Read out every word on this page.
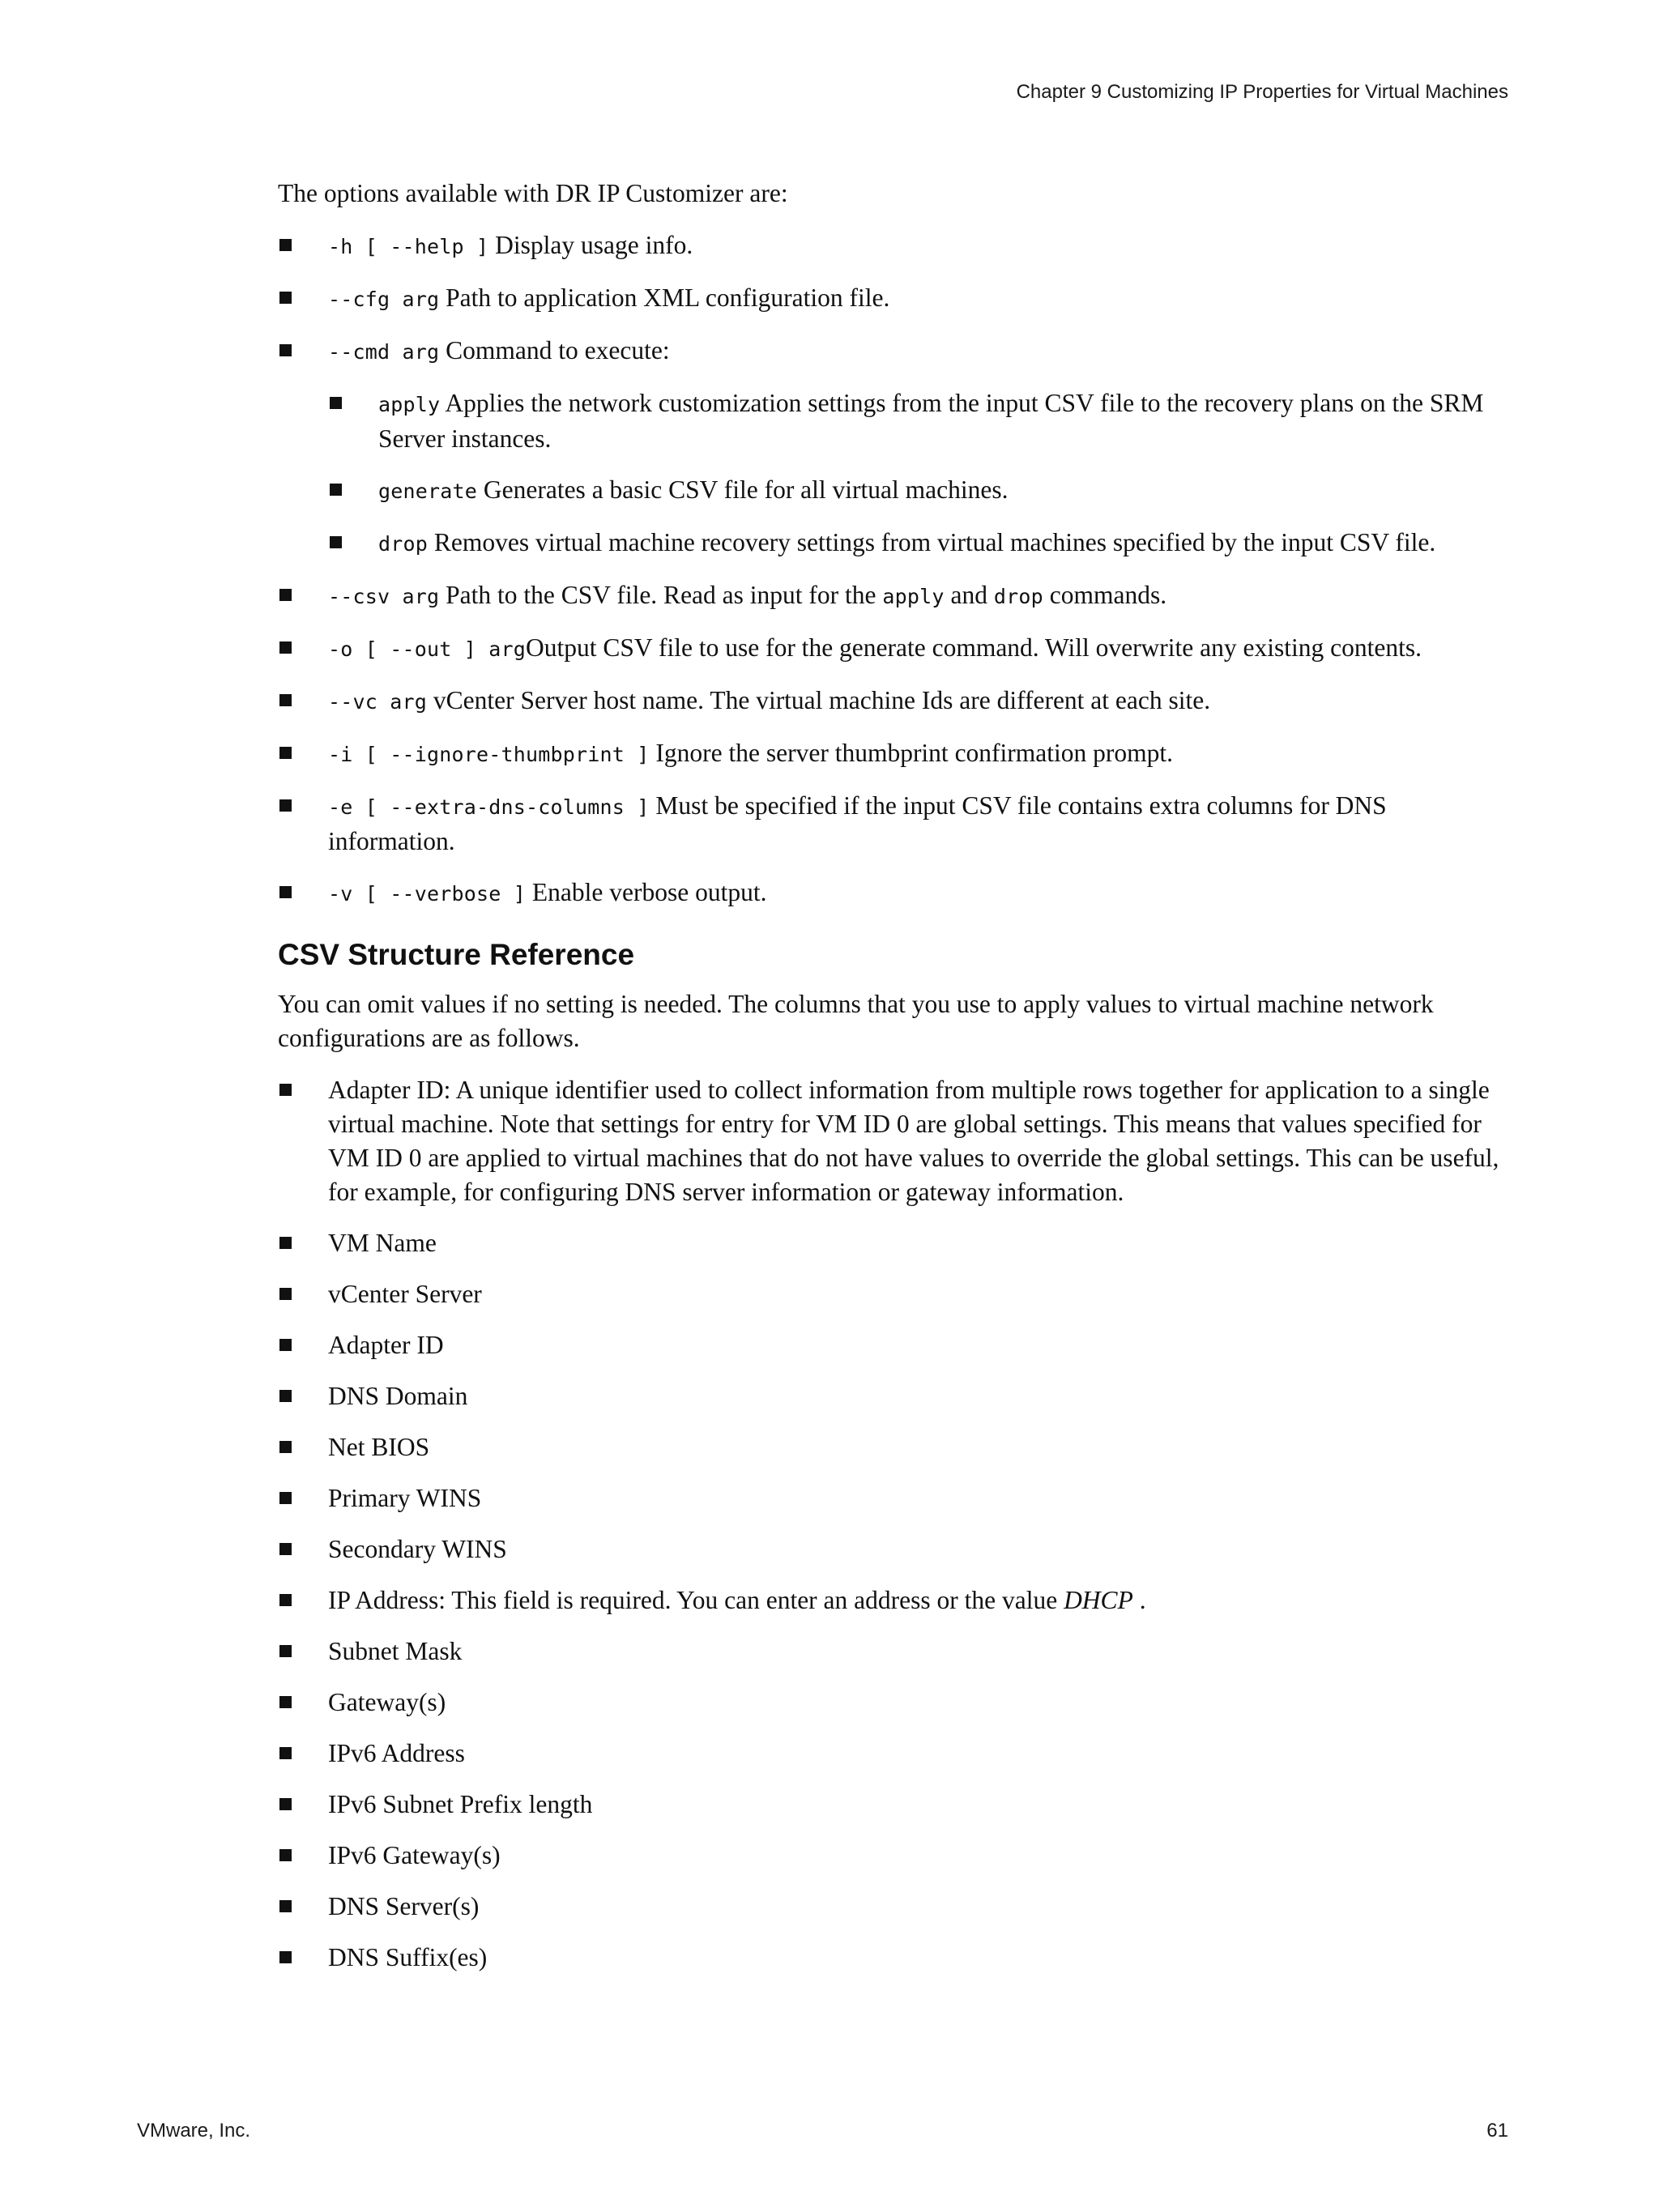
Chapter 9 Customizing IP Properties for Virtual Machines

The options available with DR IP Customizer are:

-h [ --help ] Display usage info.
--cfg arg Path to application XML configuration file.
--cmd arg Command to execute:
apply Applies the network customization settings from the input CSV file to the recovery plans on the SRM Server instances.
generate Generates a basic CSV file for all virtual machines.
drop Removes virtual machine recovery settings from virtual machines specified by the input CSV file.
--csv arg Path to the CSV file. Read as input for the apply and drop commands.
-o [ --out ] argOutput CSV file to use for the generate command. Will overwrite any existing contents.
--vc arg vCenter Server host name. The virtual machine Ids are different at each site.
-i [ --ignore-thumbprint ] Ignore the server thumbprint confirmation prompt.
-e [ --extra-dns-columns ] Must be specified if the input CSV file contains extra columns for DNS information.
-v [ --verbose ] Enable verbose output.
CSV Structure Reference

You can omit values if no setting is needed. The columns that you use to apply values to virtual machine network configurations are as follows.

Adapter ID: A unique identifier used to collect information from multiple rows together for application to a single virtual machine. Note that settings for entry for VM ID 0 are global settings. This means that values specified for VM ID 0 are applied to virtual machines that do not have values to override the global settings. This can be useful, for example, for configuring DNS server information or gateway information.
VM Name
vCenter Server
Adapter ID
DNS Domain
Net BIOS
Primary WINS
Secondary WINS
IP Address: This field is required. You can enter an address or the value DHCP .
Subnet Mask
Gateway(s)
IPv6 Address
IPv6 Subnet Prefix length
IPv6 Gateway(s)
DNS Server(s)
DNS Suffix(es)
VMware, Inc.	61
